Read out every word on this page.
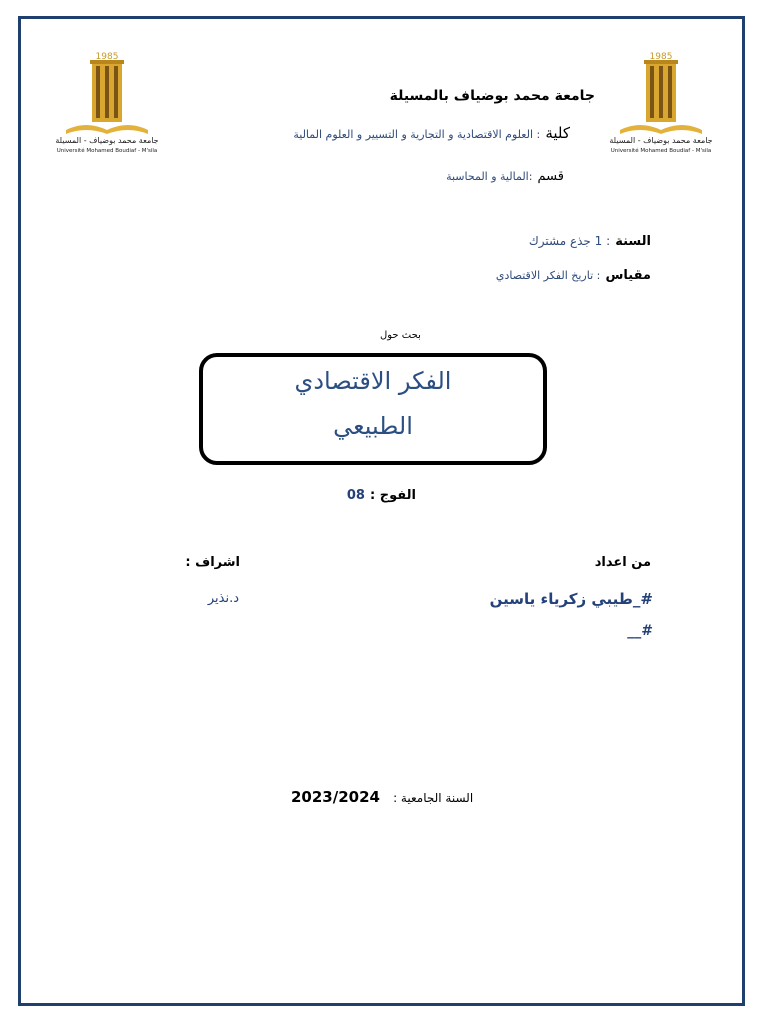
1985
جامعة محمد بوضياف - المسيلة
Université Mohamed Boudiaf - M'sila
1985
جامعة محمد بوضياف - المسيلة
Université Mohamed Boudiaf - M'sila
جامعة محمد بوضياف بالمسيلة
كلية : العلوم الاقتصادية و التجارية و التسيير و العلوم المالية
قسم :المالية و المحاسبة
السنة : 1 جذع مشترك
مقياس : تاريخ الفكر الاقتصادي
بحث حول
الفكر الاقتصادي
الطبيعي
الفوج : 08
من اعداد
اشراف :
#_طيبي زكرياء ياسين
د.نذير
#__
2023/2024 السنة الجامعية :
